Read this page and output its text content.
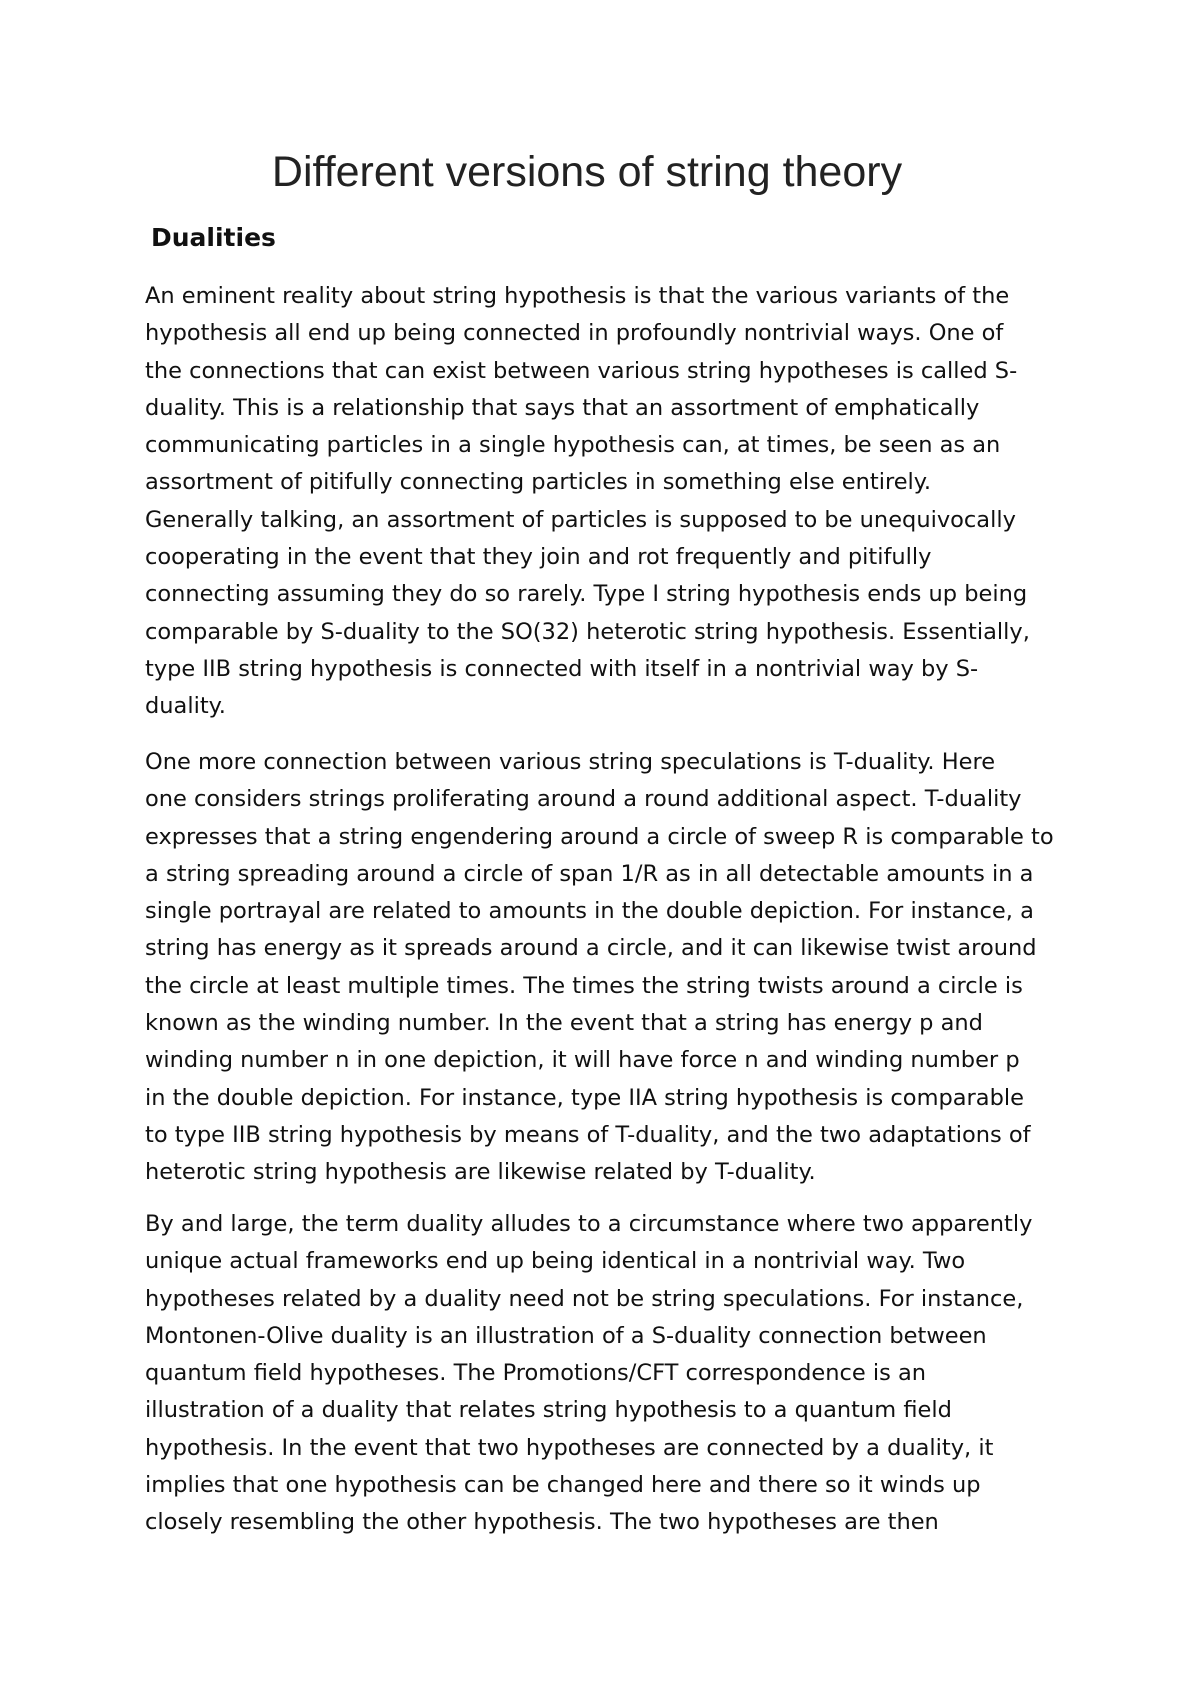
Different versions of string theory
Dualities
An eminent reality about string hypothesis is that the various variants of the
hypothesis all end up being connected in profoundly nontrivial ways. One of
the connections that can exist between various string hypotheses is called S-
duality. This is a relationship that says that an assortment of emphatically
communicating particles in a single hypothesis can, at times, be seen as an
assortment of pitifully connecting particles in something else entirely.
Generally talking, an assortment of particles is supposed to be unequivocally
cooperating in the event that they join and rot frequently and pitifully
connecting assuming they do so rarely. Type I string hypothesis ends up being
comparable by S-duality to the SO(32) heterotic string hypothesis. Essentially,
type IIB string hypothesis is connected with itself in a nontrivial way by S-
duality.
One more connection between various string speculations is T-duality. Here
one considers strings proliferating around a round additional aspect. T-duality
expresses that a string engendering around a circle of sweep R is comparable to
a string spreading around a circle of span 1/R as in all detectable amounts in a
single portrayal are related to amounts in the double depiction. For instance, a
string has energy as it spreads around a circle, and it can likewise twist around
the circle at least multiple times. The times the string twists around a circle is
known as the winding number. In the event that a string has energy p and
winding number n in one depiction, it will have force n and winding number p
in the double depiction. For instance, type IIA string hypothesis is comparable
to type IIB string hypothesis by means of T-duality, and the two adaptations of
heterotic string hypothesis are likewise related by T-duality.
By and large, the term duality alludes to a circumstance where two apparently
unique actual frameworks end up being identical in a nontrivial way. Two
hypotheses related by a duality need not be string speculations. For instance,
Montonen-Olive duality is an illustration of a S-duality connection between
quantum field hypotheses. The Promotions/CFT correspondence is an
illustration of a duality that relates string hypothesis to a quantum field
hypothesis. In the event that two hypotheses are connected by a duality, it
implies that one hypothesis can be changed here and there so it winds up
closely resembling the other hypothesis. The two hypotheses are then
